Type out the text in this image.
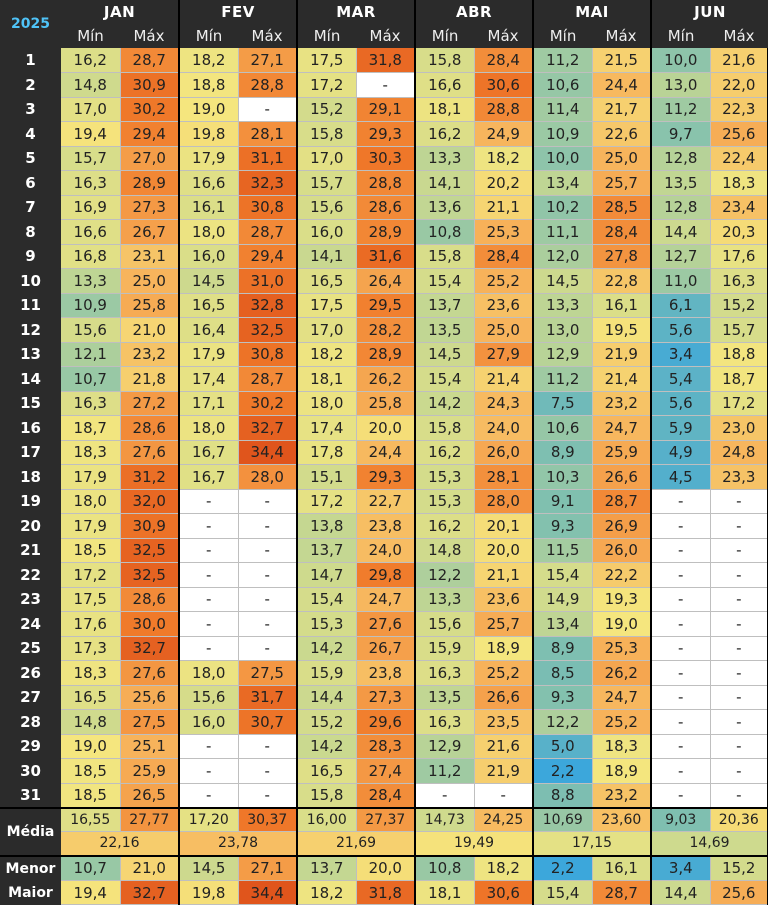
2025	JAN		FEV		MAR		ABR		MAI		JUN	
	Mín	Máx	Mín	Máx	Mín	Máx	Mín	Máx	Mín	Máx	Mín	Máx
1	16,2	28,7	18,2	27,1	17,5	31,8	15,8	28,4	11,2	21,5	10,0	21,6
2	14,8	30,9	18,8	28,8	17,2	-	16,6	30,6	10,6	24,4	13,0	22,0
3	17,0	30,2	19,0	-	15,2	29,1	18,1	28,8	11,4	21,7	11,2	22,3
4	19,4	29,4	19,8	28,1	15,8	29,3	16,2	24,9	10,9	22,6	9,7	25,6
5	15,7	27,0	17,9	31,1	17,0	30,3	13,3	18,2	10,0	25,0	12,8	22,4
6	16,3	28,9	16,6	32,3	15,7	28,8	14,1	20,2	13,4	25,7	13,5	18,3
7	16,9	27,3	16,1	30,8	15,6	28,6	13,6	21,1	10,2	28,5	12,8	23,4
8	16,6	26,7	18,0	28,7	16,0	28,9	10,8	25,3	11,1	28,4	14,4	20,3
9	16,8	23,1	16,0	29,4	14,1	31,6	15,8	28,4	12,0	27,8	12,7	17,6
10	13,3	25,0	14,5	31,0	16,5	26,4	15,4	25,2	14,5	22,8	11,0	16,3
11	10,9	25,8	16,5	32,8	17,5	29,5	13,7	23,6	13,3	16,1	6,1	15,2
12	15,6	21,0	16,4	32,5	17,0	28,2	13,5	25,0	13,0	19,5	5,6	15,7
13	12,1	23,2	17,9	30,8	18,2	28,9	14,5	27,9	12,9	21,9	3,4	18,8
14	10,7	21,8	17,4	28,7	18,1	26,2	15,4	21,4	11,2	21,4	5,4	18,7
15	16,3	27,2	17,1	30,2	18,0	25,8	14,2	24,3	7,5	23,2	5,6	17,2
16	18,7	28,6	18,0	32,7	17,4	20,0	15,8	24,0	10,6	24,7	5,9	23,0
17	18,3	27,6	16,7	34,4	17,8	24,4	16,2	26,0	8,9	25,9	4,9	24,8
18	17,9	31,2	16,7	28,0	15,1	29,3	15,3	28,1	10,3	26,6	4,5	23,3
19	18,0	32,0	-	-	17,2	22,7	15,3	28,0	9,1	28,7	-	-
20	17,9	30,9	-	-	13,8	23,8	16,2	20,1	9,3	26,9	-	-
21	18,5	32,5	-	-	13,7	24,0	14,8	20,0	11,5	26,0	-	-
22	17,2	32,5	-	-	14,7	29,8	12,2	21,1	15,4	22,2	-	-
23	17,5	28,6	-	-	15,4	24,7	13,3	23,6	14,9	19,3	-	-
24	17,6	30,0	-	-	15,3	27,6	15,6	25,7	13,4	19,0	-	-
25	17,3	32,7	-	-	14,2	26,7	15,9	18,9	8,9	25,3	-	-
26	18,3	27,6	18,0	27,5	15,9	23,8	16,3	25,2	8,5	26,2	-	-
27	16,5	25,6	15,6	31,7	14,4	27,3	13,5	26,6	9,3	24,7	-	-
28	14,8	27,5	16,0	30,7	15,2	29,6	16,3	23,5	12,2	25,2	-	-
29	19,0	25,1	-	-	14,2	28,3	12,9	21,6	5,0	18,3	-	-
30	18,5	25,9	-	-	16,5	27,4	11,2	21,9	2,2	18,9	-	-
31	18,5	26,5	-	-	15,8	28,4	-	-	8,8	23,2	-	-
Média	16,55	27,77	17,20	30,37	16,00	27,37	14,73	24,25	10,69	23,60	9,03	20,36
	22,16		23,78		21,69		19,49		17,15		14,69	
Menor	10,7	21,0	14,5	27,1	13,7	20,0	10,8	18,2	2,2	16,1	3,4	15,2
Maior	19,4	32,7	19,8	34,4	18,2	31,8	18,1	30,6	15,4	28,7	14,4	25,6
